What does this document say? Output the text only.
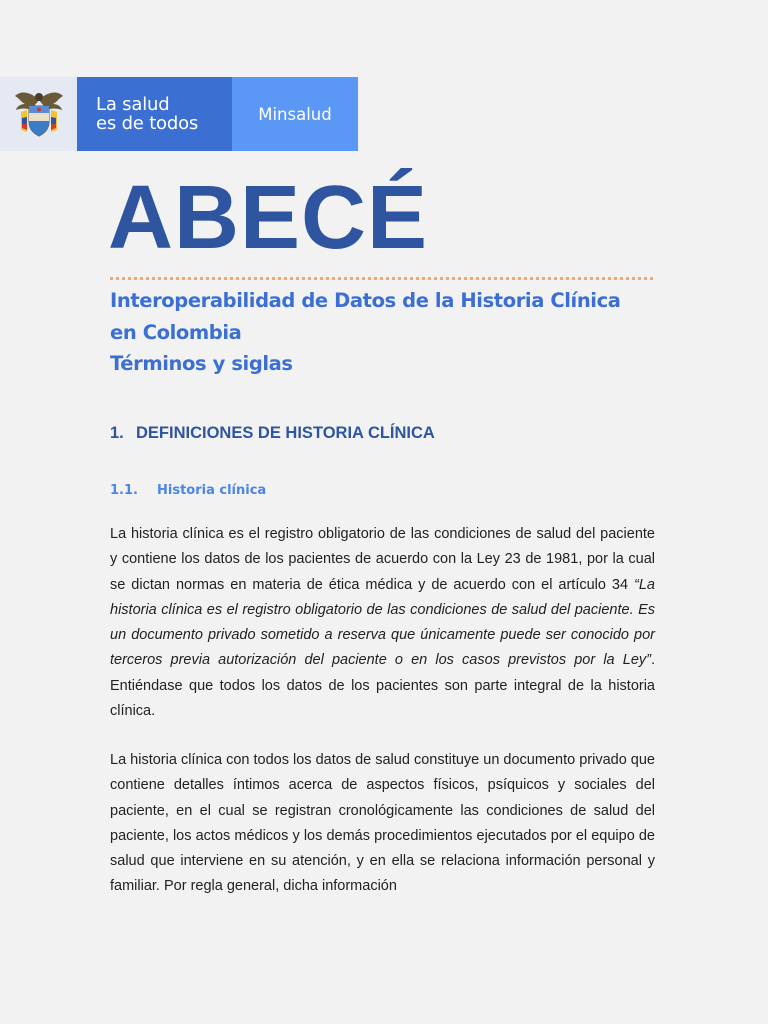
La salud
es de todos	Minsalud
ABECÉ
Interoperabilidad de Datos de la Historia Clínica
en Colombia
Términos y siglas
1. DEFINICIONES DE HISTORIA CLÍNICA
1.1. Historia clínica

La historia clínica es el registro obligatorio de las condiciones de salud del paciente y contiene los datos de los pacientes de acuerdo con la Ley 23 de 1981, por la cual se dictan normas en materia de ética médica y de acuerdo con el artículo 34 “La historia clínica es el registro obligatorio de las condiciones de salud del paciente. Es un documento privado sometido a reserva que únicamente puede ser conocido por terceros previa autorización del paciente o en los casos previstos por la Ley”. Entiéndase que todos los datos de los pacientes son parte integral de la historia clínica.

La historia clínica con todos los datos de salud constituye un documento privado que contiene detalles íntimos acerca de aspectos físicos, psíquicos y sociales del paciente, en el cual se registran cronológicamente las condiciones de salud del paciente, los actos médicos y los demás procedimientos ejecutados por el equipo de salud que interviene en su atención, y en ella se relaciona información personal y familiar. Por regla general, dicha información
